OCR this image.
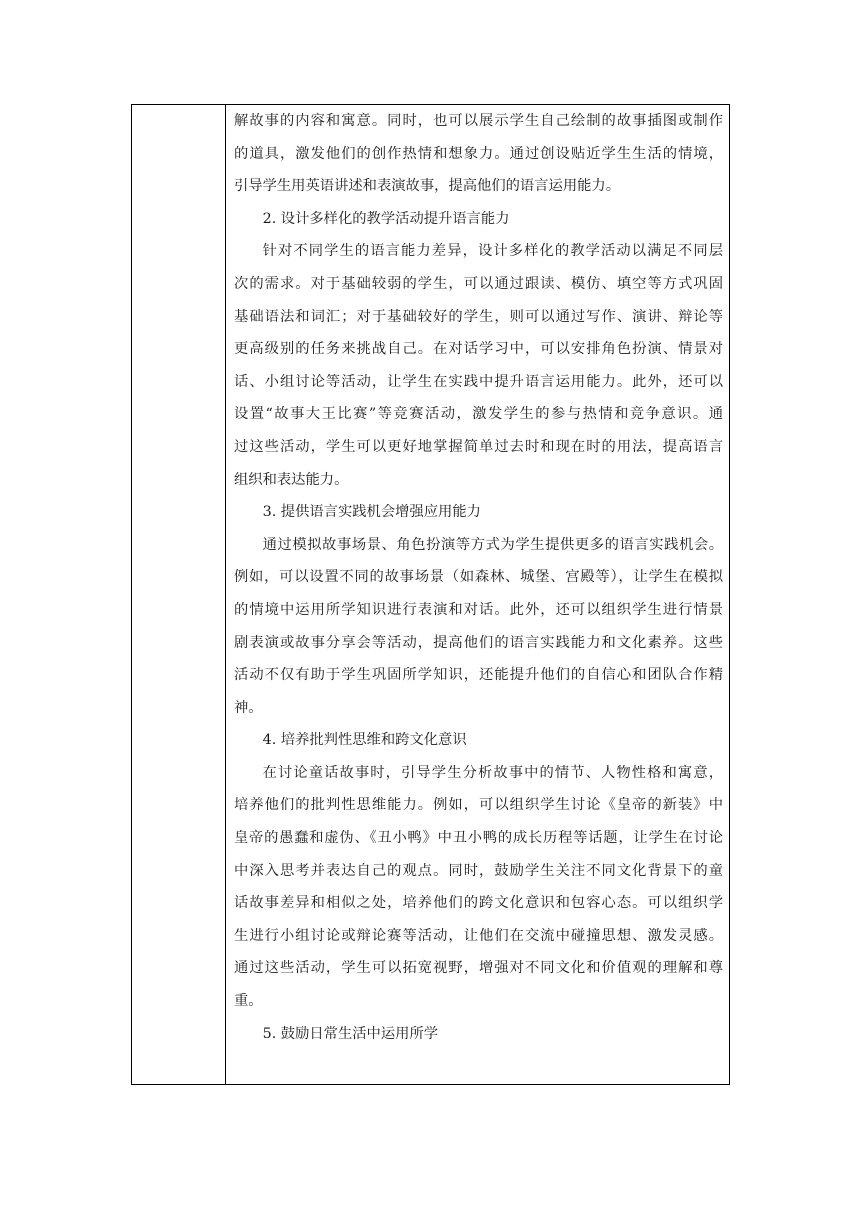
解故事的内容和寓意。同时，也可以展示学生自己绘制的故事插图或制作
的道具，激发他们的创作热情和想象力。通过创设贴近学生生活的情境，
引导学生用英语讲述和表演故事，提高他们的语言运用能力。
2. 设计多样化的教学活动提升语言能力
针对不同学生的语言能力差异，设计多样化的教学活动以满足不同层
次的需求。对于基础较弱的学生，可以通过跟读、模仿、填空等方式巩固
基础语法和词汇；对于基础较好的学生，则可以通过写作、演讲、辩论等
更高级别的任务来挑战自己。在对话学习中，可以安排角色扮演、情景对
话、小组讨论等活动，让学生在实践中提升语言运用能力。此外，还可以
设置“故事大王比赛”等竞赛活动，激发学生的参与热情和竞争意识。通
过这些活动，学生可以更好地掌握简单过去时和现在时的用法，提高语言
组织和表达能力。
3. 提供语言实践机会增强应用能力
通过模拟故事场景、角色扮演等方式为学生提供更多的语言实践机会。
例如，可以设置不同的故事场景（如森林、城堡、宫殿等），让学生在模拟
的情境中运用所学知识进行表演和对话。此外，还可以组织学生进行情景
剧表演或故事分享会等活动，提高他们的语言实践能力和文化素养。这些
活动不仅有助于学生巩固所学知识，还能提升他们的自信心和团队合作精
神。
4. 培养批判性思维和跨文化意识
在讨论童话故事时，引导学生分析故事中的情节、人物性格和寓意，
培养他们的批判性思维能力。例如，可以组织学生讨论《皇帝的新装》中
皇帝的愚蠢和虚伪、《丑小鸭》中丑小鸭的成长历程等话题，让学生在讨论
中深入思考并表达自己的观点。同时，鼓励学生关注不同文化背景下的童
话故事差异和相似之处，培养他们的跨文化意识和包容心态。可以组织学
生进行小组讨论或辩论赛等活动，让他们在交流中碰撞思想、激发灵感。
通过这些活动，学生可以拓宽视野，增强对不同文化和价值观的理解和尊
重。
5. 鼓励日常生活中运用所学
